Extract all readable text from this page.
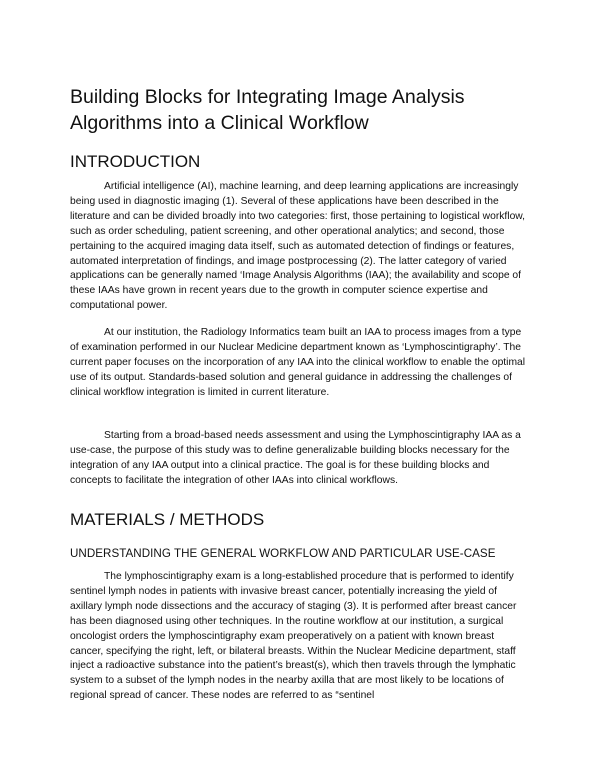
Building Blocks for Integrating Image Analysis Algorithms into a Clinical Workflow
INTRODUCTION

Artificial intelligence (AI), machine learning, and deep learning applications are increasingly being used in diagnostic imaging (1). Several of these applications have been described in the literature and can be divided broadly into two categories: first, those pertaining to logistical workflow, such as order scheduling, patient screening, and other operational analytics; and second, those pertaining to the acquired imaging data itself, such as automated detection of findings or features, automated interpretation of findings, and image postprocessing (2). The latter category of varied applications can be generally named ‘Image Analysis Algorithms (IAA); the availability and scope of these IAAs have grown in recent years due to the growth in computer science expertise and computational power.

At our institution, the Radiology Informatics team built an IAA to process images from a type of examination performed in our Nuclear Medicine department known as ‘Lymphoscintigraphy’. The current paper focuses on the incorporation of any IAA into the clinical workflow to enable the optimal use of its output. Standards-based solution and general guidance in addressing the challenges of clinical workflow integration is limited in current literature.

Starting from a broad-based needs assessment and using the Lymphoscintigraphy IAA as a use-case, the purpose of this study was to define generalizable building blocks necessary for the integration of any IAA output into a clinical practice. The goal is for these building blocks and concepts to facilitate the integration of other IAAs into clinical workflows.

MATERIALS / METHODS
UNDERSTANDING THE GENERAL WORKFLOW AND PARTICULAR USE-CASE

The lymphoscintigraphy exam is a long-established procedure that is performed to identify sentinel lymph nodes in patients with invasive breast cancer, potentially increasing the yield of axillary lymph node dissections and the accuracy of staging (3). It is performed after breast cancer has been diagnosed using other techniques. In the routine workflow at our institution, a surgical oncologist orders the lymphoscintigraphy exam preoperatively on a patient with known breast cancer, specifying the right, left, or bilateral breasts. Within the Nuclear Medicine department, staff inject a radioactive substance into the patient’s breast(s), which then travels through the lymphatic system to a subset of the lymph nodes in the nearby axilla that are most likely to be locations of regional spread of cancer. These nodes are referred to as “sentinel
